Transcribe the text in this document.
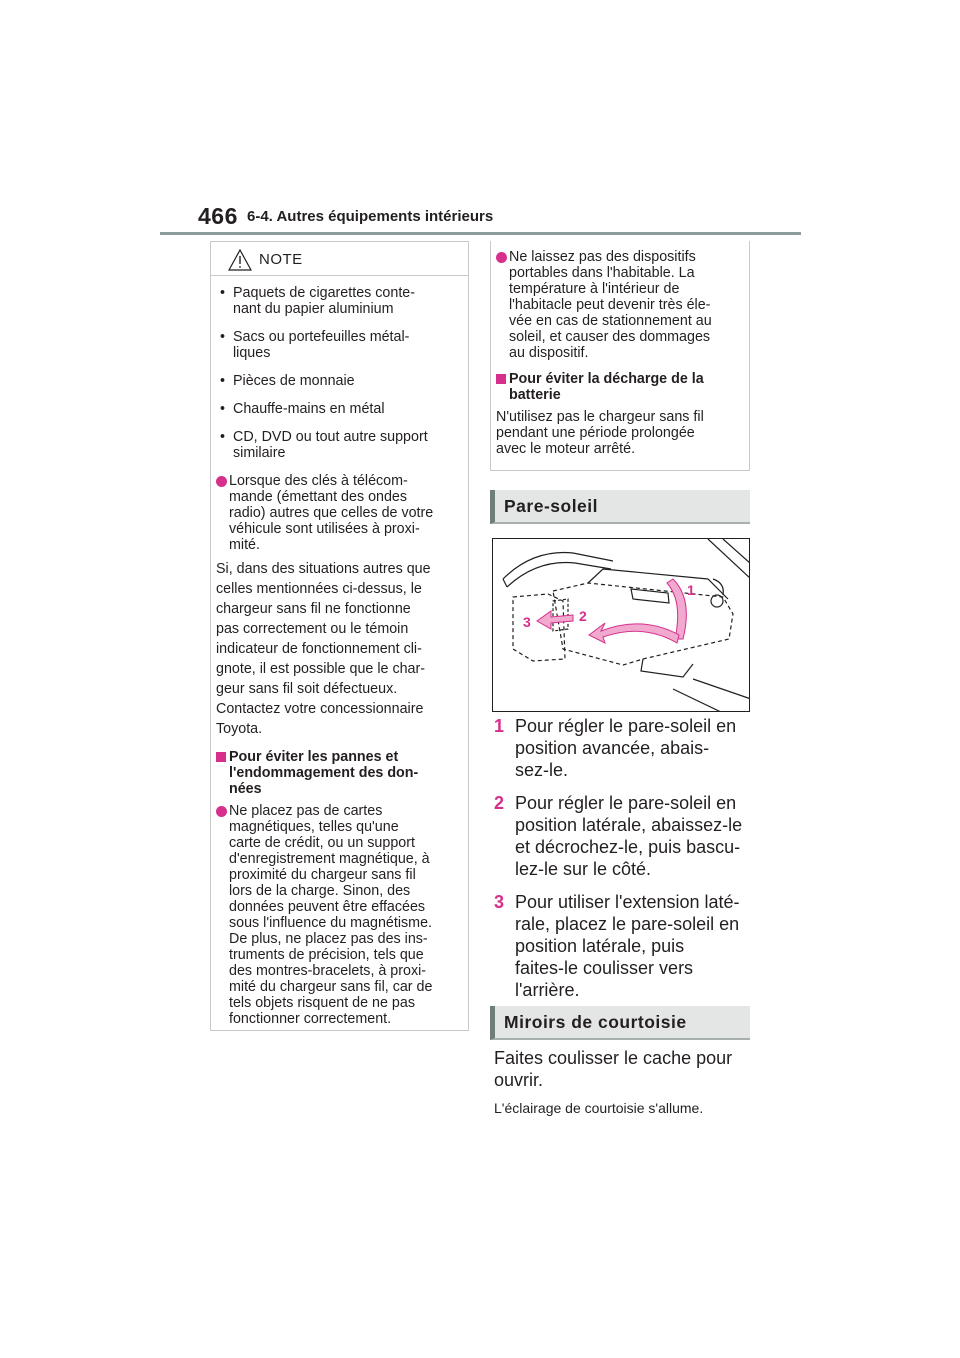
466 6-4. Autres équipements intérieurs
NOTE
• Paquets de cigarettes conte-
nant du papier aluminium
• Sacs ou portefeuilles métal-
liques
• Pièces de monnaie
• Chauffe-mains en métal
• CD, DVD ou tout autre support
similaire
Lorsque des clés à télécom-
mande (émettant des ondes
radio) autres que celles de votre
véhicule sont utilisées à proxi-
mité.
Si, dans des situations autres que
celles mentionnées ci-dessus, le
chargeur sans fil ne fonctionne
pas correctement ou le témoin
indicateur de fonctionnement cli-
gnote, il est possible que le char-
geur sans fil soit défectueux.
Contactez votre concessionnaire
Toyota.
Pour éviter les pannes et
l'endommagement des don-
nées
Ne placez pas de cartes
magnétiques, telles qu'une
carte de crédit, ou un support
d'enregistrement magnétique, à
proximité du chargeur sans fil
lors de la charge. Sinon, des
données peuvent être effacées
sous l'influence du magnétisme.
De plus, ne placez pas des ins-
truments de précision, tels que
des montres-bracelets, à proxi-
mité du chargeur sans fil, car de
tels objets risquent de ne pas
fonctionner correctement.
Ne laissez pas des dispositifs
portables dans l'habitable. La
température à l'intérieur de
l'habitacle peut devenir très éle-
vée en cas de stationnement au
soleil, et causer des dommages
au dispositif.
Pour éviter la décharge de la
batterie
N'utilisez pas le chargeur sans fil
pendant une période prolongée
avec le moteur arrêté.
Pare-soleil
1
2
3
1 Pour régler le pare-soleil en
position avancée, abais-
sez-le.
2 Pour régler le pare-soleil en
position latérale, abaissez-le
et décrochez-le, puis bascu-
lez-le sur le côté.
3 Pour utiliser l'extension laté-
rale, placez le pare-soleil en
position latérale, puis
faites-le coulisser vers
l'arrière.
Miroirs de courtoisie
Faites coulisser le cache pour
ouvrir.
L'éclairage de courtoisie s'allume.
